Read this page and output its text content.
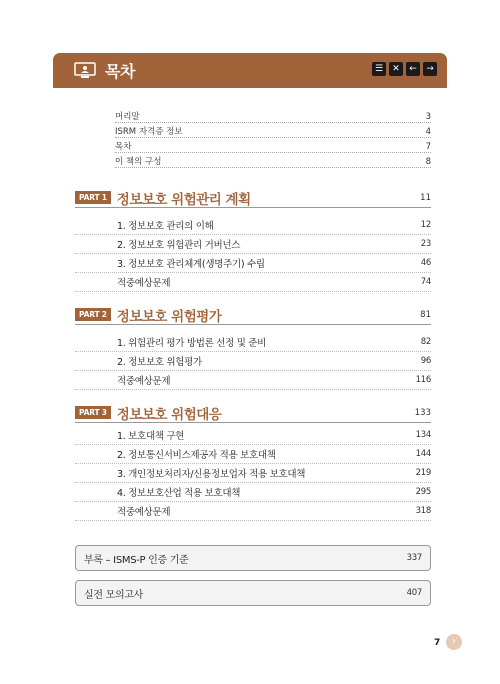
목차	☰	✕	←	→
머리말	3
ISRM 자격증 정보	4
목차	7
이 책의 구성	8
PART 1 정보보호 위험관리 계획	11
1. 정보보호 관리의 이해	12
2. 정보보호 위험관리 거버넌스	23
3. 정보보호 관리체계(생명주기) 수립	46
적중예상문제	74
PART 2 정보보호 위험평가	81
1. 위험관리 평가 방법론 선정 및 준비	82
2. 정보보호 위험평가	96
적중예상문제	116
PART 3 정보보호 위험대응	133
1. 보호대책 구현	134
2. 정보통신서비스제공자 적용 보호대책	144
3. 개인정보처리자/신용정보업자 적용 보호대책	219
4. 정보보호산업 적용 보호대책	295
적중예상문제	318
부록 – ISMS-P 인증 기준	337
실전 모의고사	407
7	›
